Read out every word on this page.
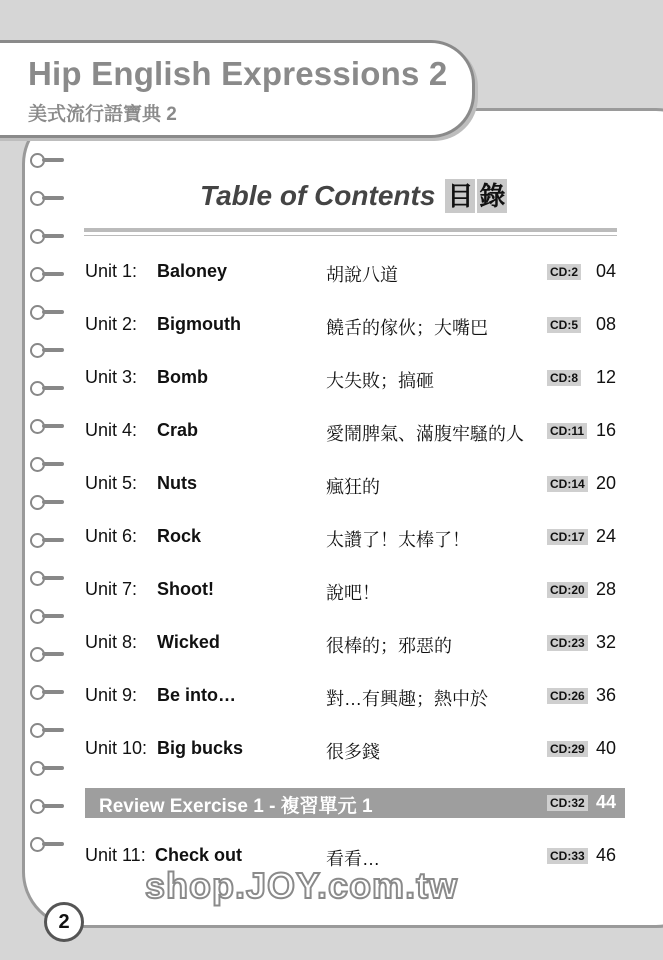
Hip English Expressions 2
美式流行語寶典 2
Table of Contents 目 錄
Unit 1: Baloney	胡說八道	CD:2 04
Unit 2: Bigmouth	饒舌的傢伙；大嘴巴	CD:5 08
Unit 3: Bomb	大失敗；搞砸	CD:8 12
Unit 4: Crab	愛鬧脾氣、滿腹牢騷的人 CD:11 16
Unit 5: Nuts	瘋狂的	CD:14 20
Unit 6: Rock	太讚了！太棒了！	CD:17 24
Unit 7: Shoot!	說吧！	CD:20 28
Unit 8: Wicked	很棒的；邪惡的	CD:23 32
Unit 9: Be into…	對…有興趣；熱中於	CD:26 36
Unit 10: Big bucks	很多錢	CD:29 40
Review Exercise 1 - 複習單元 1	CD:32 44
Unit 11: Check out	看看…	CD:33 46
shop.JOY.com.tw
2
